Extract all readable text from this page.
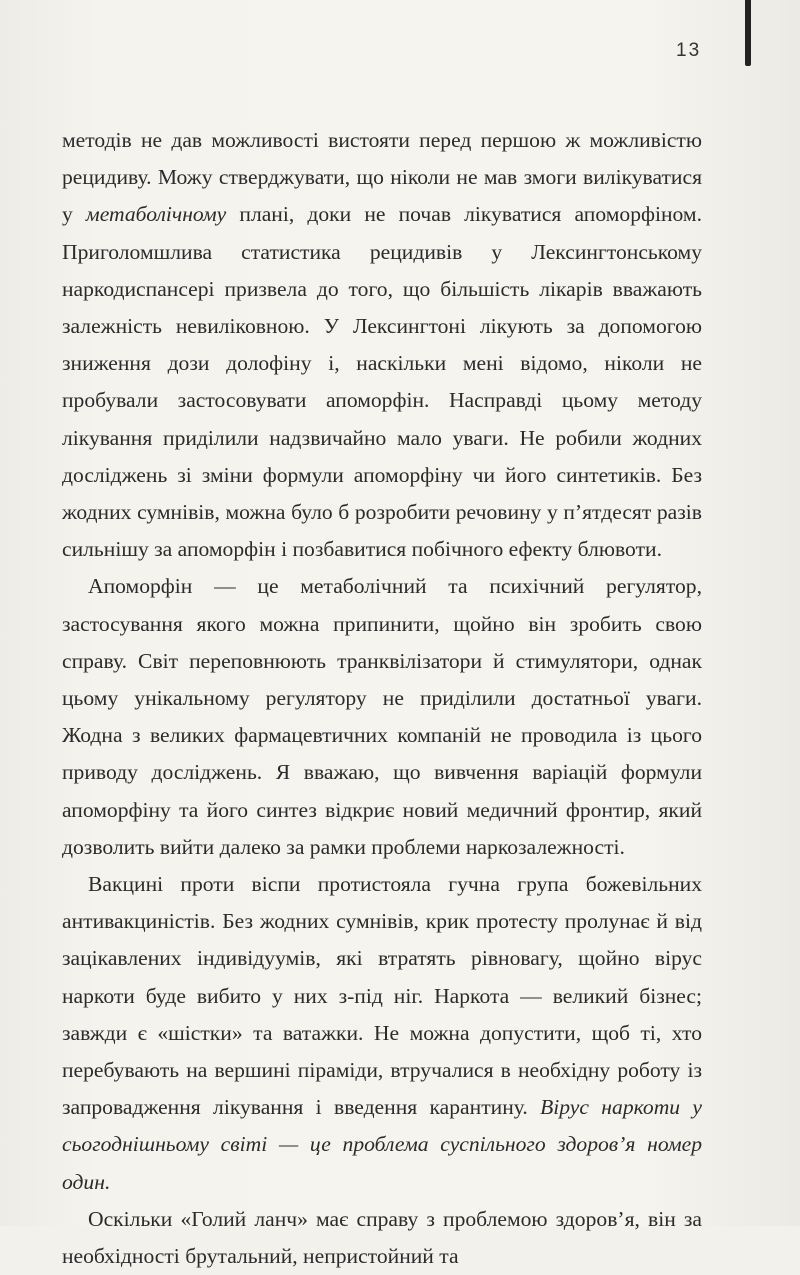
13

методів не дав можливості вистояти перед першою ж можливістю рецидиву. Можу стверджувати, що ніколи не мав змоги вилікуватися у метаболічному плані, доки не почав лікуватися апоморфіном. Приголомшлива статистика рецидивів у Лексингтонському наркодиспансері призвела до того, що більшість лікарів вважають залежність невиліковною. У Лексингтоні лікують за допомогою зниження дози долофіну і, наскільки мені відомо, ніколи не пробували застосовувати апоморфін. Насправді цьому методу лікування приділили надзвичайно мало уваги. Не робили жодних досліджень зі зміни формули апоморфіну чи його синтетиків. Без жодних сумнівів, можна було б розробити речовину у п’ятдесят разів сильнішу за апоморфін і позбавитися побічного ефекту блювоти.

Апоморфін — це метаболічний та психічний регулятор, застосування якого можна припинити, щойно він зробить свою справу. Світ переповнюють транквілізатори й стимулятори, однак цьому унікальному регулятору не приділили достатньої уваги. Жодна з великих фармацевтичних компаній не проводила із цього приводу досліджень. Я вважаю, що вивчення варіацій формули апоморфіну та його синтез відкриє новий медичний фронтир, який дозволить вийти далеко за рамки проблеми наркозалежності.

Вакцині проти віспи протистояла гучна група божевільних антивакциністів. Без жодних сумнівів, крик протесту пролунає й від зацікавлених індивідуумів, які втратять рівновагу, щойно вірус наркоти буде вибито у них з-під ніг. Наркота — великий бізнес; завжди є «шістки» та ватажки. Не можна допустити, щоб ті, хто перебувають на вершині піраміди, втручалися в необхідну роботу із запровадження лікування і введення карантину. Вірус наркоти у сьогоднішньому світі — це проблема суспільного здоров’я номер один.

Оскільки «Голий ланч» має справу з проблемою здоров’я, він за необхідності брутальний, непристойний та
